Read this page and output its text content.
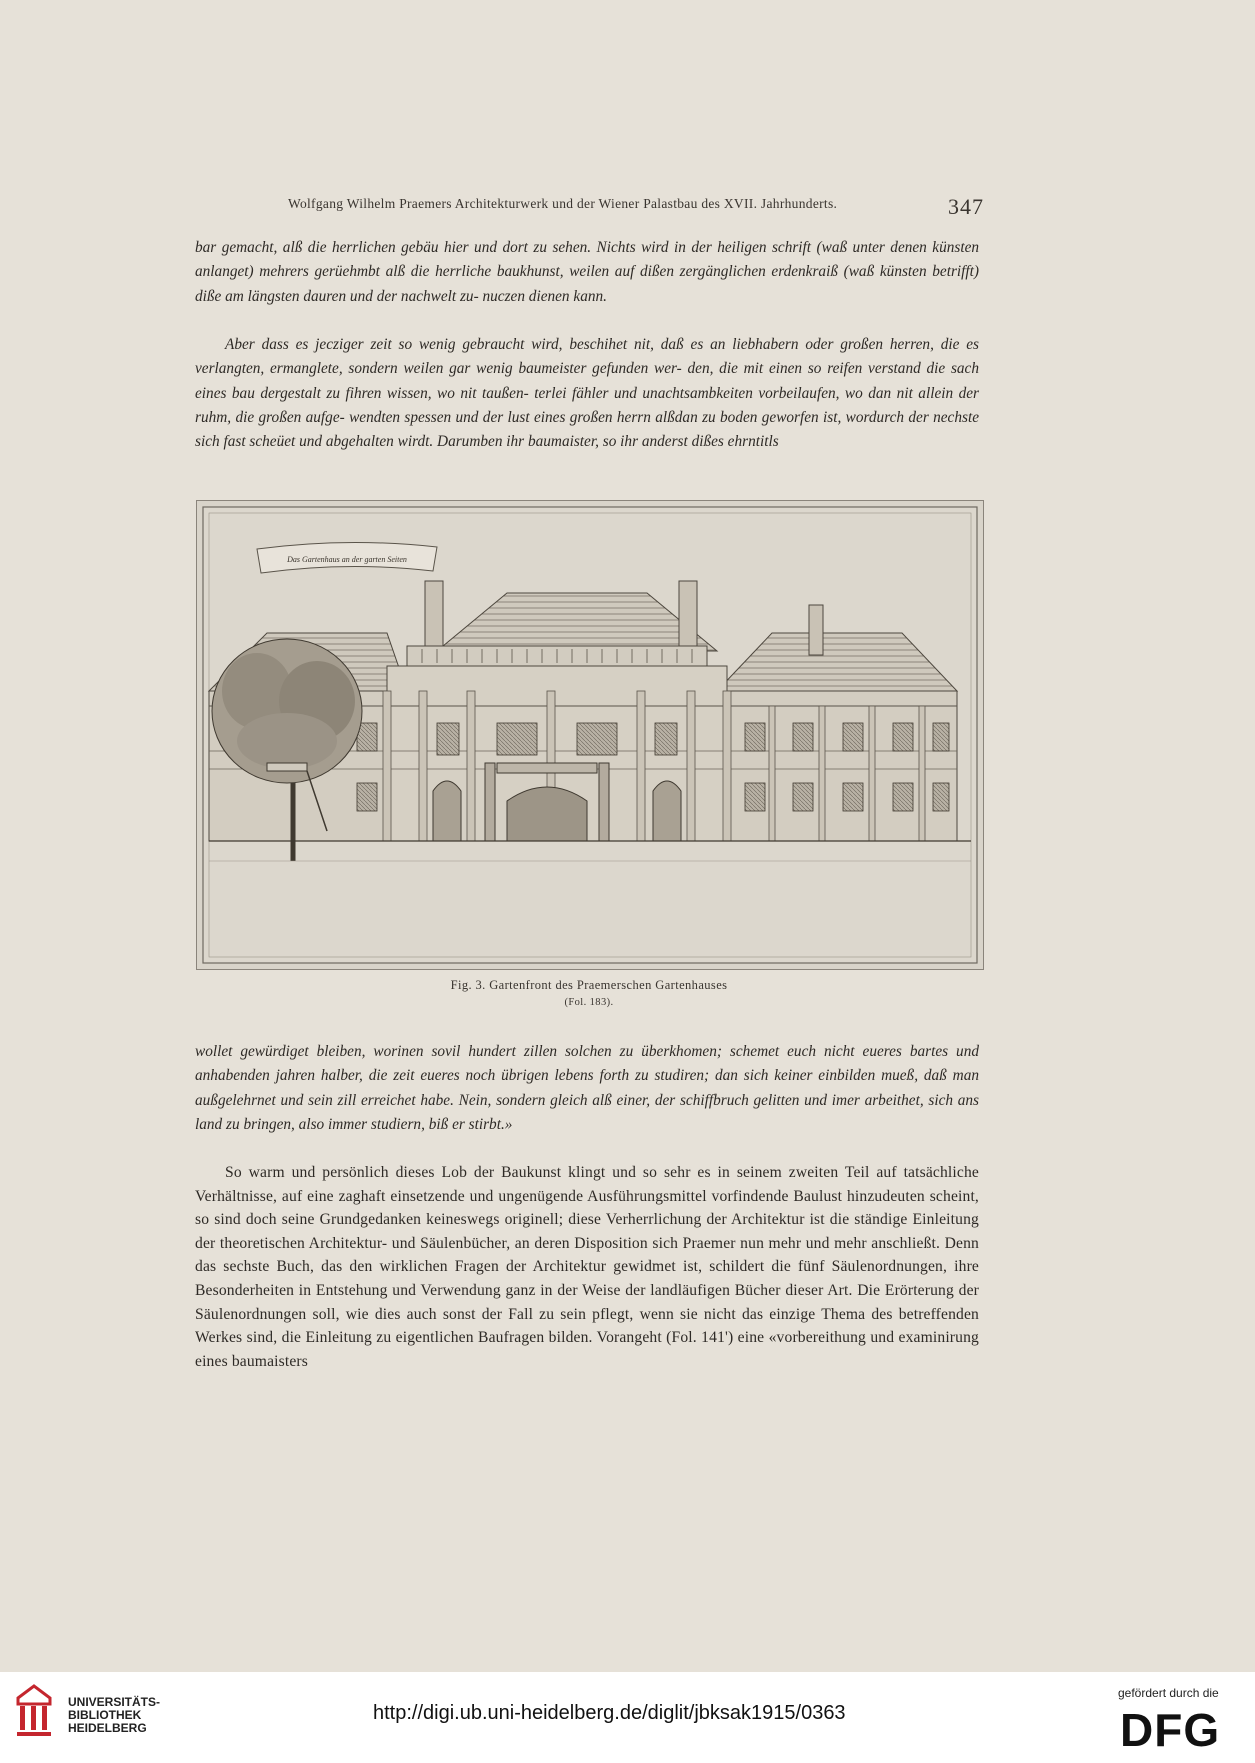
Wolfgang Wilhelm Praemers Architekturwerk und der Wiener Palastbau des XVII. Jahrhunderts.	347

bar gemacht, alß die herrlichen gebäu hier und dort zu sehen. Nichts wird in der heiligen schrift (waß unter denen künsten anlanget) mehrers gerüehmbt alß die herrliche baukhunst, weilen auf dißen zergänglichen erdenkraiß (waß künsten betrifft) diße am längsten dauren und der nachwelt zu- nuczen dienen kann.

Aber dass es jecziger zeit so wenig gebraucht wird, beschihet nit, daß es an liebhabern oder großen herren, die es verlangten, ermanglete, sondern weilen gar wenig baumeister gefunden wer- den, die mit einen so reifen verstand die sach eines bau dergestalt zu fihren wissen, wo nit taußen- terlei fähler und unachtsambkeiten vorbeilaufen, wo dan nit allein der ruhm, die großen aufge- wendten spessen und der lust eines großen herrn alßdan zu boden geworfen ist, wordurch der nechste sich fast scheüet und abgehalten wirdt. Darumben ihr baumaister, so ihr anderst dißes ehrntitls

Das Gartenhaus an der garten Seiten
Fig. 3. Gartenfront des Praemerschen Gartenhauses
(Fol. 183).

wollet gewürdiget bleiben, worinen sovil hundert zillen solchen zu überkhomen; schemet euch nicht eueres bartes und anhabenden jahren halber, die zeit eueres noch übrigen lebens forth zu studiren; dan sich keiner einbilden mueß, daß man außgelehrnet und sein zill erreichet habe. Nein, sondern gleich alß einer, der schiffbruch gelitten und imer arbeithet, sich ans land zu bringen, also immer studiern, biß er stirbt.»

So warm und persönlich dieses Lob der Baukunst klingt und so sehr es in seinem zweiten Teil auf tatsächliche Verhältnisse, auf eine zaghaft einsetzende und ungenügende Ausführungsmittel vorfindende Baulust hinzudeuten scheint, so sind doch seine Grundgedanken keineswegs originell; diese Verherrlichung der Architektur ist die ständige Einleitung der theoretischen Architektur- und Säulenbücher, an deren Disposition sich Praemer nun mehr und mehr anschließt. Denn das sechste Buch, das den wirklichen Fragen der Architektur gewidmet ist, schildert die fünf Säulenordnungen, ihre Besonderheiten in Entstehung und Verwendung ganz in der Weise der landläufigen Bücher dieser Art. Die Erörterung der Säulenordnungen soll, wie dies auch sonst der Fall zu sein pflegt, wenn sie nicht das einzige Thema des betreffenden Werkes sind, die Einleitung zu eigentlichen Baufragen bilden. Vorangeht (Fol. 141') eine «vorbereithung und examinirung eines baumaisters

UNIVERSITÄTS-
BIBLIOTHEK
HEIDELBERG
http://digi.ub.uni-heidelberg.de/diglit/jbksak1915/0363
gefördert durch die
DFG
